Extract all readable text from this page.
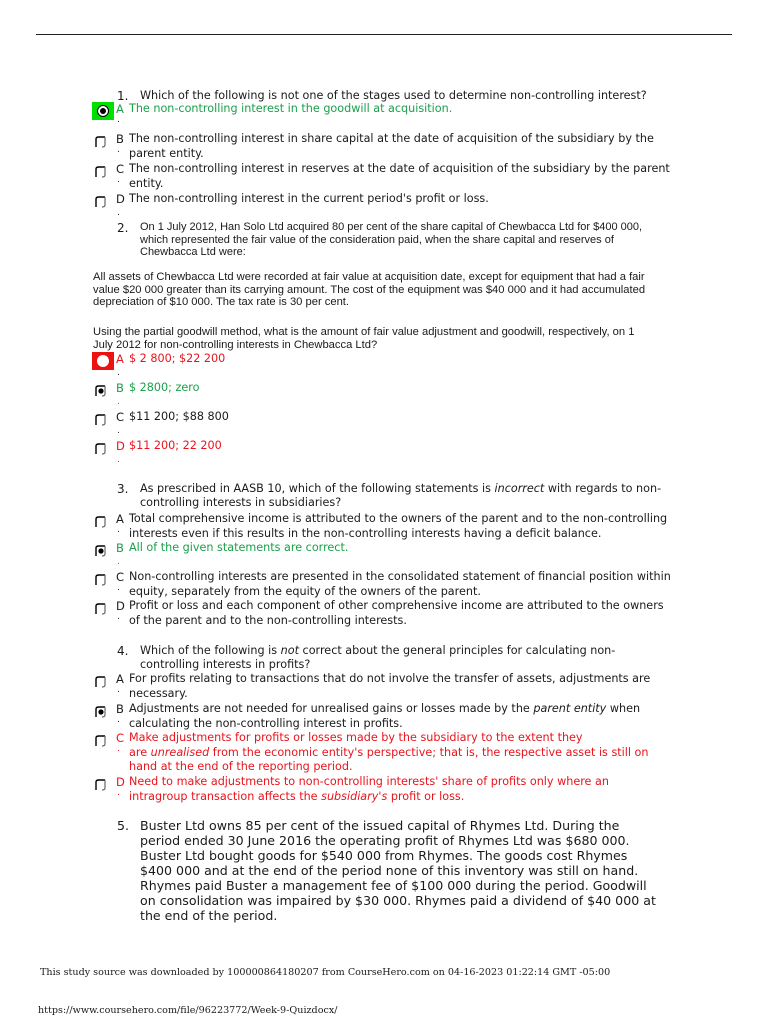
1. Which of the following is not one of the stages used to determine non-controlling interest?
A The non-controlling interest in the goodwill at acquisition.
.
B The non-controlling interest in share capital at the date of acquisition of the subsidiary by the
parent entity.
.
C The non-controlling interest in reserves at the date of acquisition of the subsidiary by the parent
entity.
.
D The non-controlling interest in the current period's profit or loss.
.
2. On 1 July 2012, Han Solo Ltd acquired 80 per cent of the share capital of Chewbacca Ltd for $400 000,
which represented the fair value of the consideration paid, when the share capital and reserves of
Chewbacca Ltd were:
All assets of Chewbacca Ltd were recorded at fair value at acquisition date, except for equipment that had a fair
value $20 000 greater than its carrying amount. The cost of the equipment was $40 000 and it had accumulated
depreciation of $10 000. The tax rate is 30 per cent.
Using the partial goodwill method, what is the amount of fair value adjustment and goodwill, respectively, on 1
July 2012 for non-controlling interests in Chewbacca Ltd?
A $ 2 800; $22 200
.
B $ 2800; zero
.
C $11 200; $88 800
.
D $11 200; 22 200
.
3. As prescribed in AASB 10, which of the following statements is incorrect with regards to non-
controlling interests in subsidiaries?
A Total comprehensive income is attributed to the owners of the parent and to the non-controlling
interests even if this results in the non-controlling interests having a deficit balance.
.
B All of the given statements are correct.
.
C Non-controlling interests are presented in the consolidated statement of financial position within
equity, separately from the equity of the owners of the parent.
.
D Profit or loss and each component of other comprehensive income are attributed to the owners
of the parent and to the non-controlling interests.
.
4. Which of the following is not correct about the general principles for calculating non-
controlling interests in profits?
A For profits relating to transactions that do not involve the transfer of assets, adjustments are
necessary.
.
B Adjustments are not needed for unrealised gains or losses made by the parent entity when
calculating the non-controlling interest in profits.
.
C Make adjustments for profits or losses made by the subsidiary to the extent they
are unrealised from the economic entity's perspective; that is, the respective asset is still on
hand at the end of the reporting period.
.
D Need to make adjustments to non-controlling interests' share of profits only where an
intragroup transaction affects the subsidiary's profit or loss.
.
5. Buster Ltd owns 85 per cent of the issued capital of Rhymes Ltd. During the
period ended 30 June 2016 the operating profit of Rhymes Ltd was $680 000.
Buster Ltd bought goods for $540 000 from Rhymes. The goods cost Rhymes
$400 000 and at the end of the period none of this inventory was still on hand.
Rhymes paid Buster a management fee of $100 000 during the period. Goodwill
on consolidation was impaired by $30 000. Rhymes paid a dividend of $40 000 at
the end of the period.
This study source was downloaded by 100000864180207 from CourseHero.com on 04-16-2023 01:22:14 GMT -05:00
https://www.coursehero.com/file/96223772/Week-9-Quizdocx/
